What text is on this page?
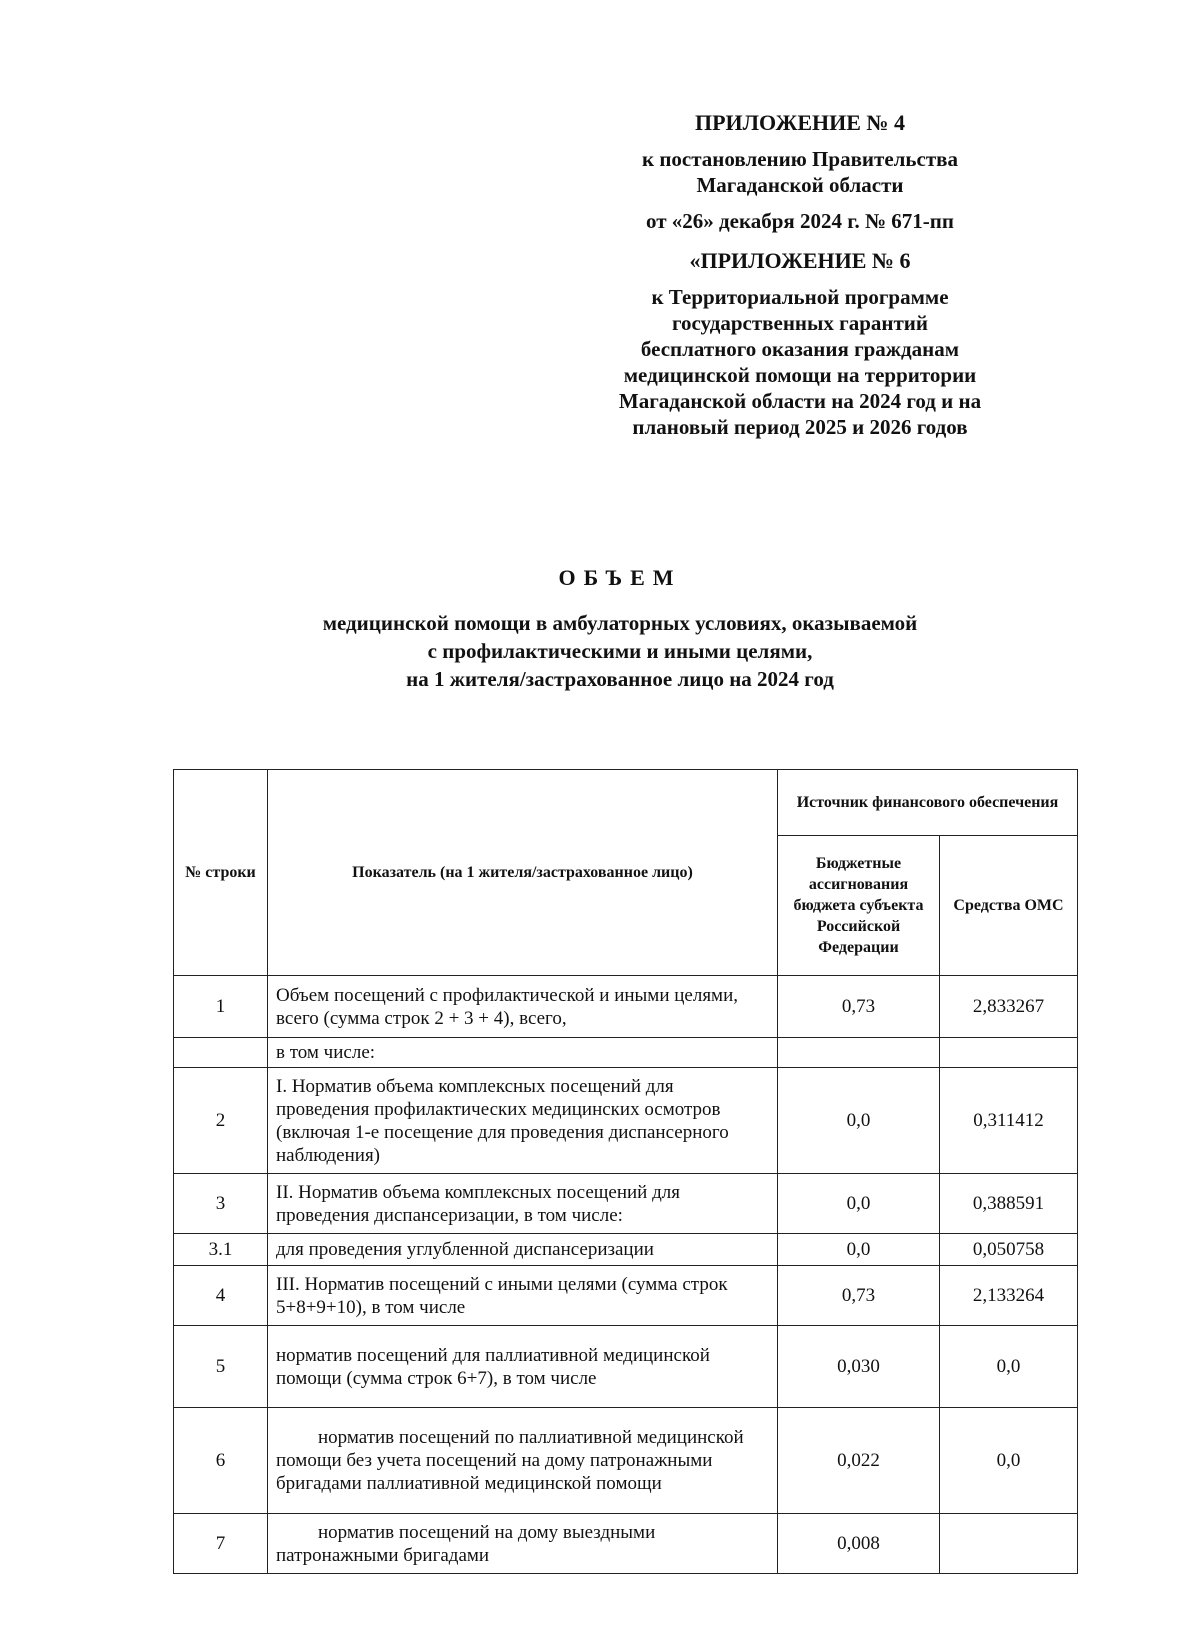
ПРИЛОЖЕНИЕ № 4
к постановлению Правительства
Магаданской области
от «26» декабря 2024 г. № 671-пп
«ПРИЛОЖЕНИЕ № 6
к Территориальной программе
государственных гарантий
бесплатного оказания гражданам
медицинской помощи на территории
Магаданской области на 2024 год и на
плановый период 2025 и 2026 годов
ОБЪЕМ
медицинской помощи в амбулаторных условиях, оказываемой
с профилактическими и иными целями,
на 1 жителя/застрахованное лицо на 2024 год
№ строки	Показатель (на 1 жителя/застрахованное лицо)	Источник финансового обеспечения	
		Бюджетные ассигнования бюджета субъекта Российской Федерации	Средства ОМС
1	Объем посещений с профилактической и иными целями, всего (сумма строк 2 + 3 + 4), всего,	0,73	2,833267
	в том числе:		
2	I. Норматив объема комплексных посещений для проведения профилактических медицинских осмотров (включая 1-е посещение для проведения диспансерного наблюдения)	0,0	0,311412
3	II. Норматив объема комплексных посещений для проведения диспансеризации, в том числе:	0,0	0,388591
3.1	для проведения углубленной диспансеризации	0,0	0,050758
4	III. Норматив посещений с иными целями (сумма строк 5+8+9+10), в том числе	0,73	2,133264
5	норматив посещений для паллиативной медицинской помощи (сумма строк 6+7), в том числе	0,030	0,0
6	норматив посещений по паллиативной медицинской помощи без учета посещений на дому патронажными бригадами паллиативной медицинской помощи	0,022	0,0
7	норматив посещений на дому выездными патронажными бригадами	0,008	
